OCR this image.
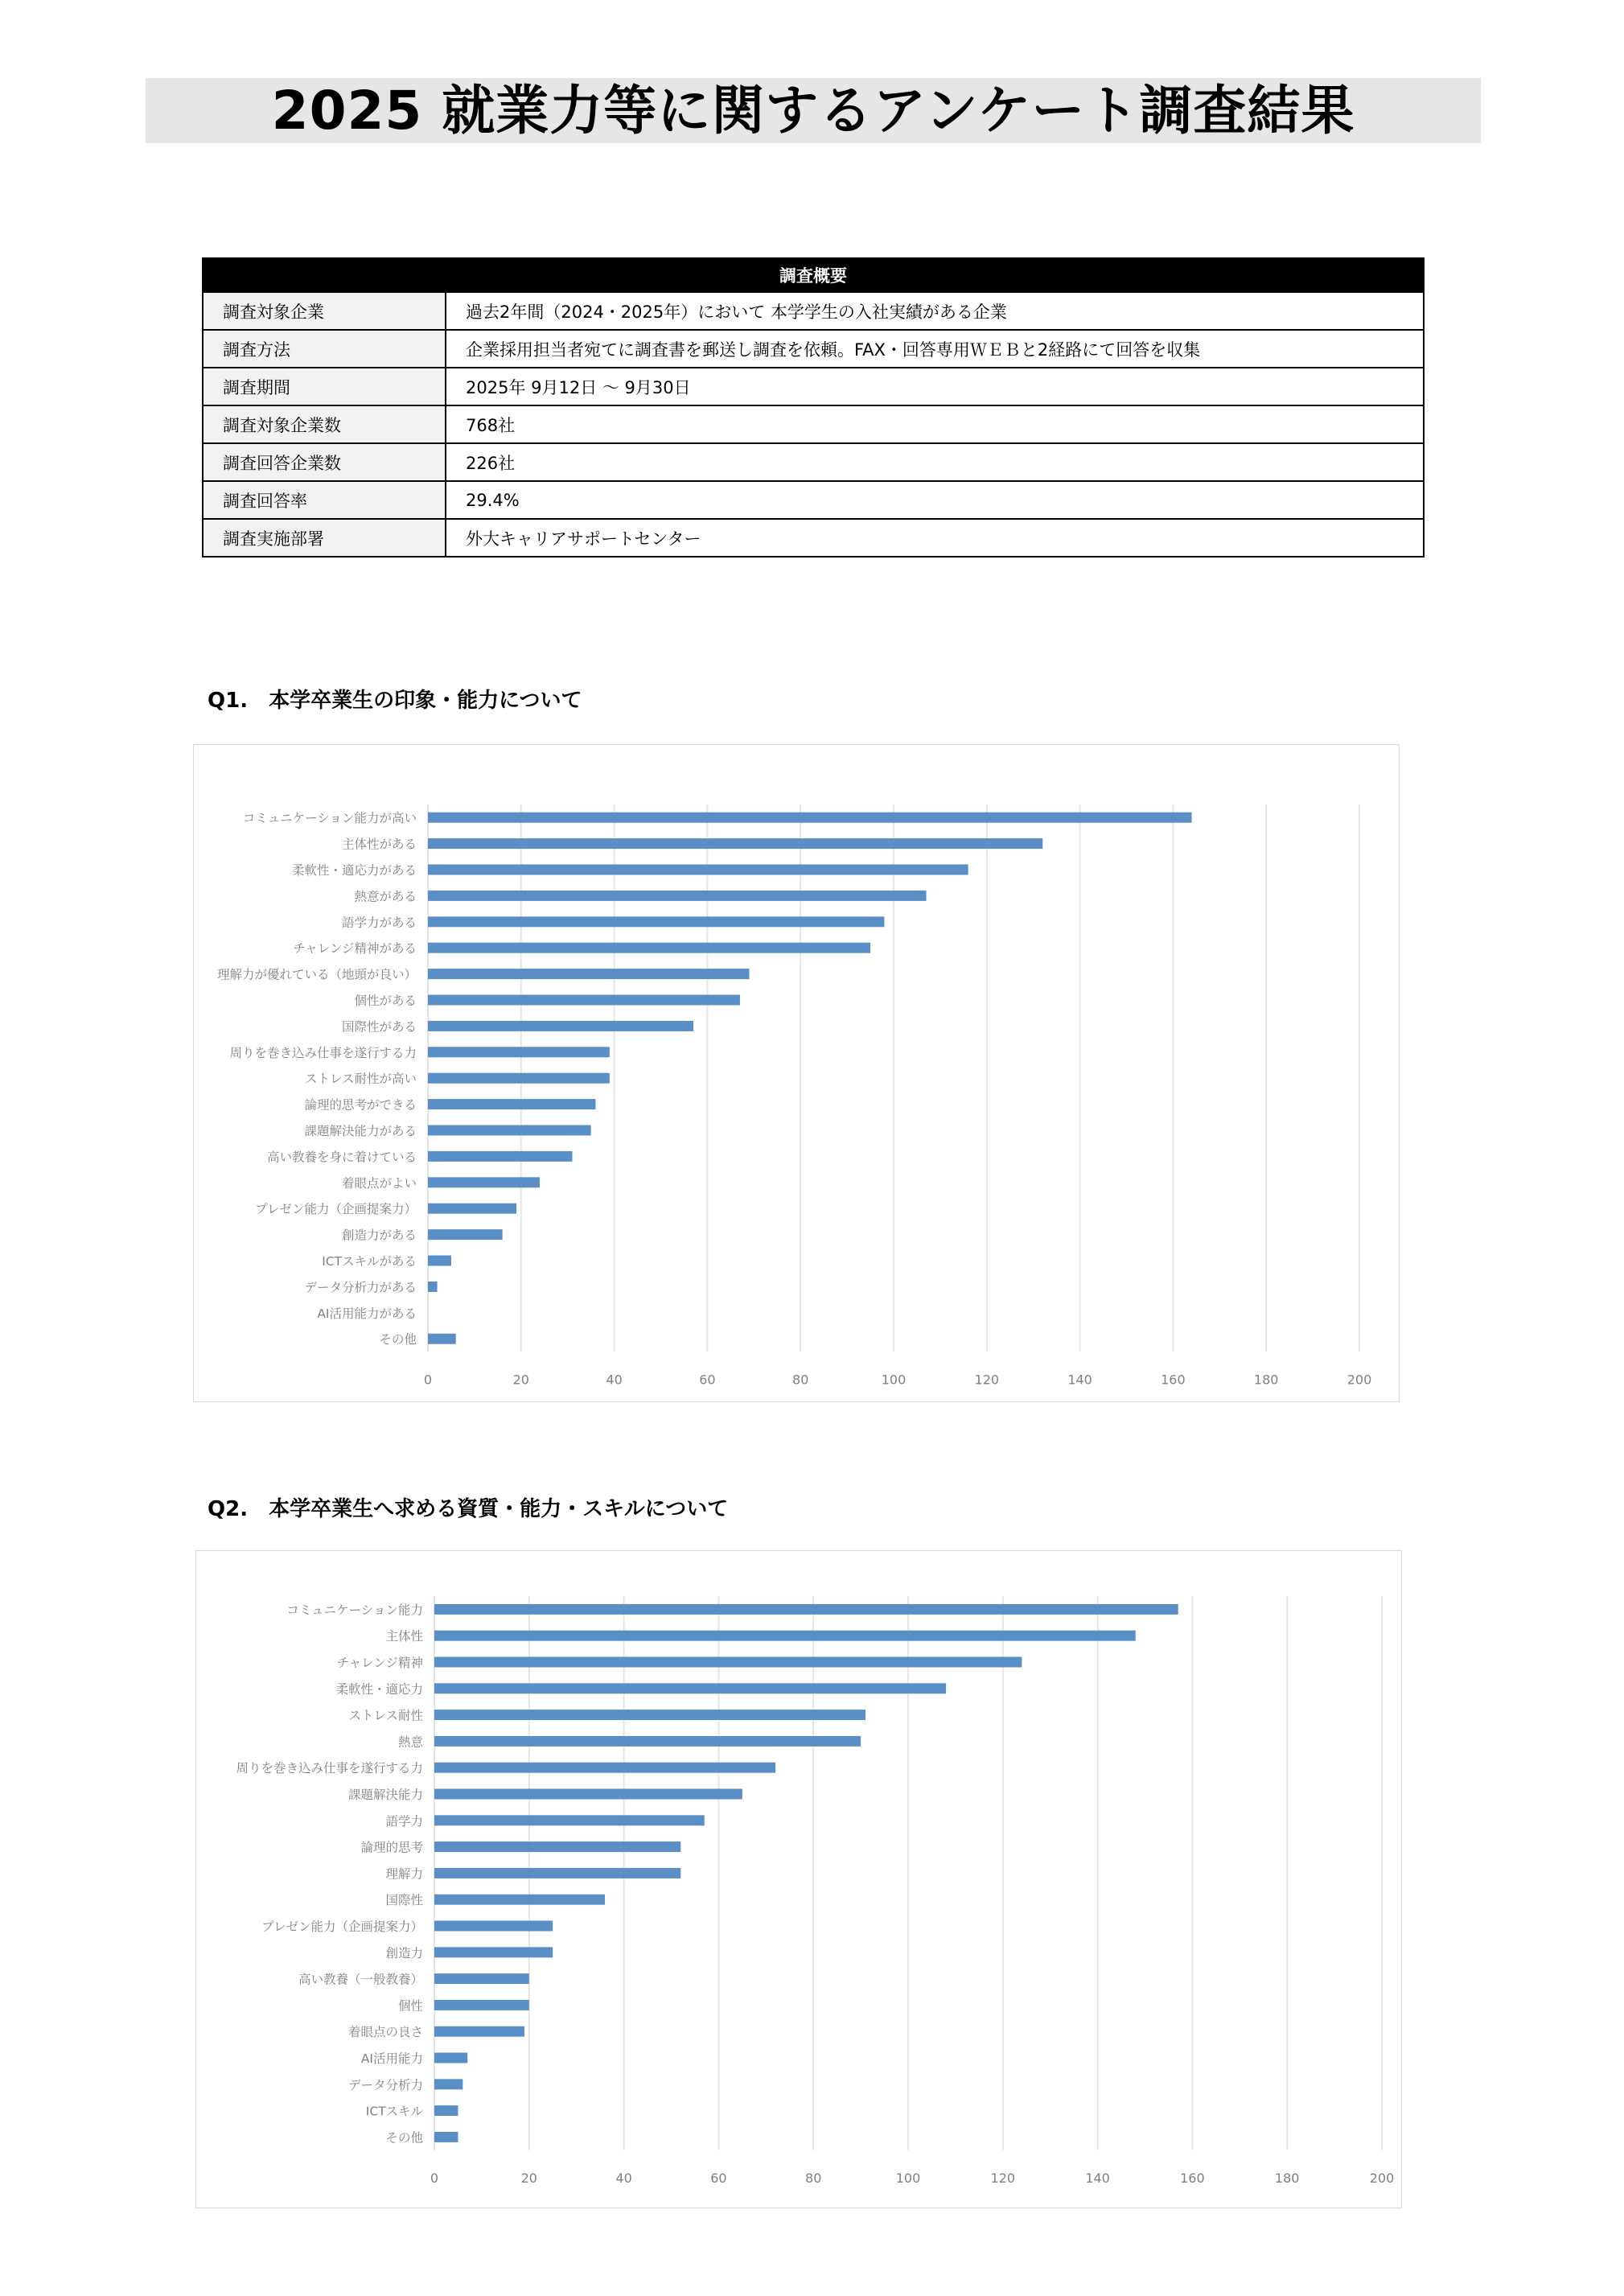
2025 就業力等に関するアンケート調査結果
調査概要	
調査対象企業	過去2年間（2024・2025年）において 本学学生の入社実績がある企業
調査方法	企業採用担当者宛てに調査書を郵送し調査を依頼。FAX・回答専用ＷＥＢと2経路にて回答を収集
調査期間	2025年 9月12日 ～ 9月30日
調査対象企業数	768社
調査回答企業数	226社
調査回答率	29.4%
調査実施部署	外大キャリアサポートセンター
Q1.　本学卒業生の印象・能力について
0	20	40	60	80	100	120	140	160	180	200
コミュニケーション能力が高い
主体性がある
柔軟性・適応力がある
熱意がある
語学力がある
チャレンジ精神がある
理解力が優れている（地頭が良い）
個性がある
国際性がある
周りを巻き込み仕事を遂行する力
ストレス耐性が高い
論理的思考ができる
課題解決能力がある
高い教養を身に着けている
着眼点がよい
プレゼン能力（企画提案力）
創造力がある
ICTスキルがある
データ分析力がある
AI活用能力がある
その他
Q2.　本学卒業生へ求める資質・能力・スキルについて
0	20	40	60	80	100	120	140	160	180	200
コミュニケーション能力
主体性
チャレンジ精神
柔軟性・適応力
ストレス耐性
熱意
周りを巻き込み仕事を遂行する力
課題解決能力
語学力
論理的思考
理解力
国際性
プレゼン能力（企画提案力）
創造力
高い教養（一般教養）
個性
着眼点の良さ
AI活用能力
データ分析力
ICTスキル
その他
